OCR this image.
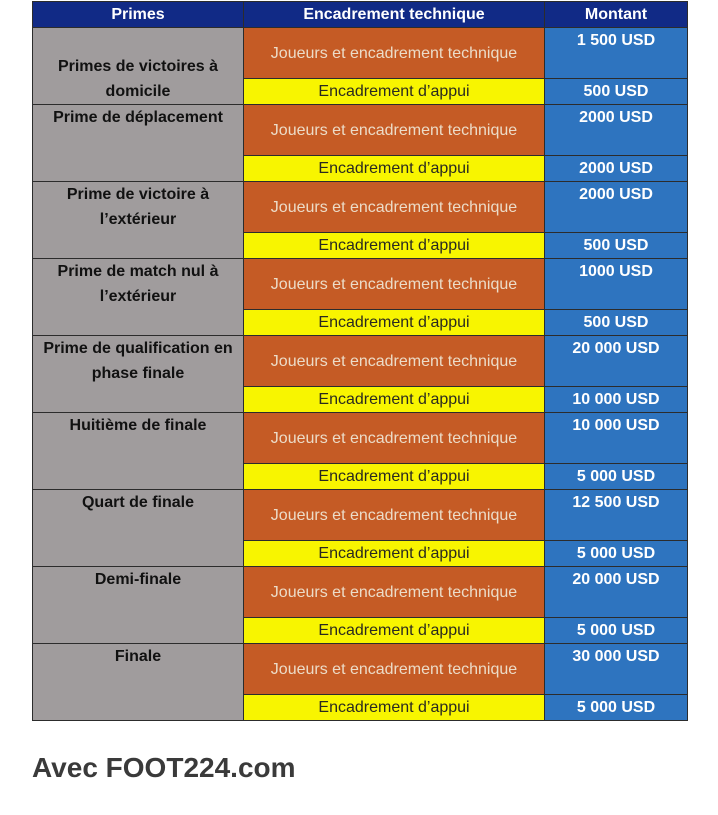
Primes	Encadrement technique	Montant
Primes de victoires à domicile	Joueurs et encadrement technique	1 500 USD
	Encadrement d’appui	500 USD
Prime de déplacement	Joueurs et encadrement technique	2000 USD
	Encadrement d’appui	2000 USD
Prime de victoire à l’extérieur	Joueurs et encadrement technique	2000 USD
	Encadrement d’appui	500 USD
Prime de match nul à l’extérieur	Joueurs et encadrement technique	1000 USD
	Encadrement d’appui	500 USD
Prime de qualification en phase finale	Joueurs et encadrement technique	20 000 USD
	Encadrement d’appui	10 000 USD
Huitième de finale	Joueurs et encadrement technique	10 000 USD
	Encadrement d’appui	5 000 USD
Quart de finale	Joueurs et encadrement technique	12 500 USD
	Encadrement d’appui	5 000 USD
Demi-finale	Joueurs et encadrement technique	20 000 USD
	Encadrement d’appui	5 000 USD
Finale	Joueurs et encadrement technique	30 000 USD
	Encadrement d’appui	5 000 USD

Avec FOOT224.com
